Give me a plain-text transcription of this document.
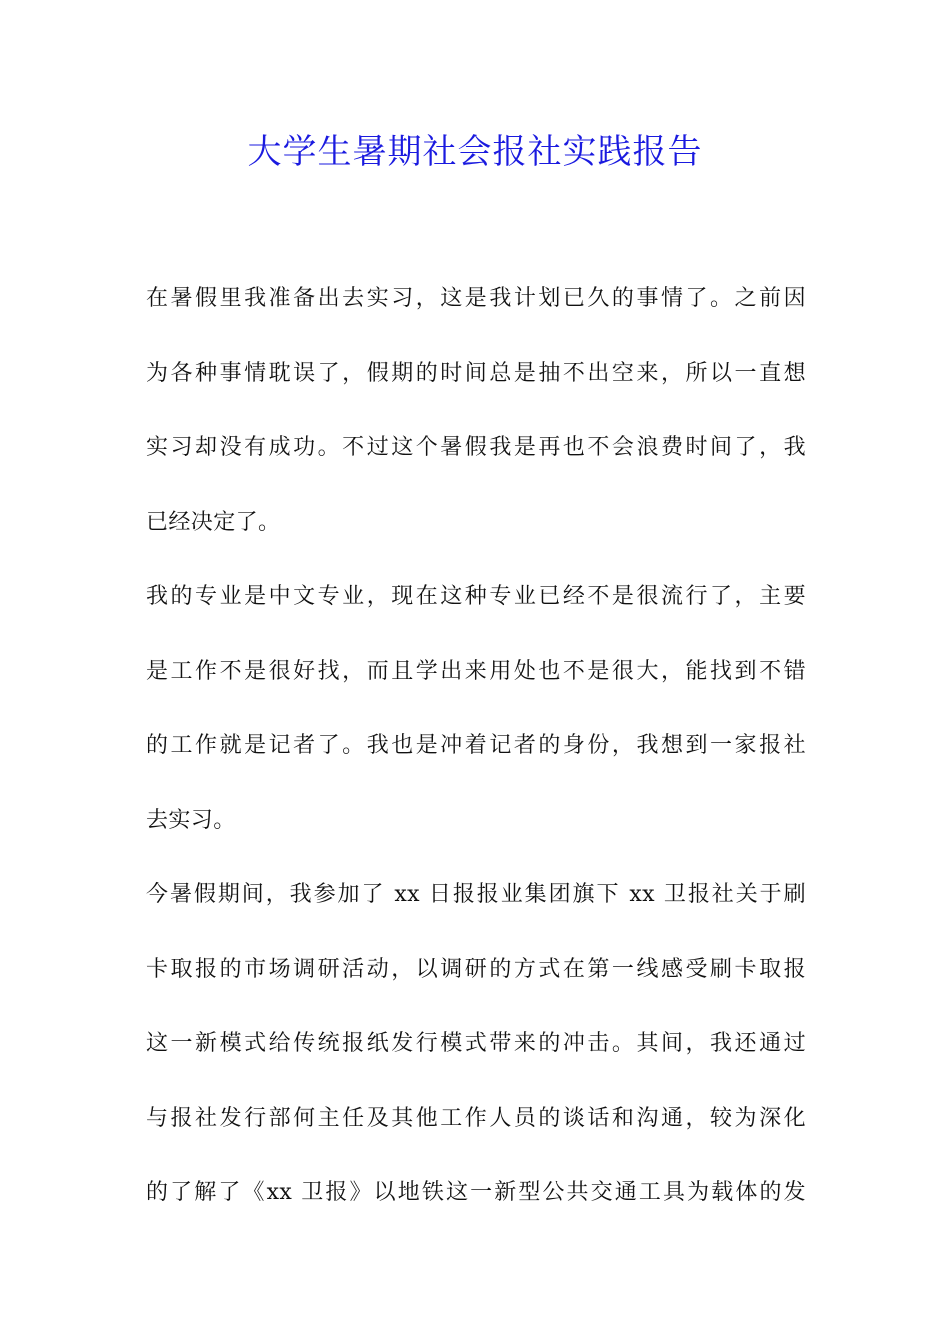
大学生暑期社会报社实践报告
在暑假里我准备出去实习，这是我计划已久的事情了。之前因
为各种事情耽误了，假期的时间总是抽不出空来，所以一直想
实习却没有成功。不过这个暑假我是再也不会浪费时间了，我
已经决定了。
我的专业是中文专业，现在这种专业已经不是很流行了，主要
是工作不是很好找，而且学出来用处也不是很大，能找到不错
的工作就是记者了。我也是冲着记者的身份，我想到一家报社
去实习。
今暑假期间，我参加了 xx 日报报业集团旗下 xx 卫报社关于刷
卡取报的市场调研活动，以调研的方式在第一线感受刷卡取报
这一新模式给传统报纸发行模式带来的冲击。其间，我还通过
与报社发行部何主任及其他工作人员的谈话和沟通，较为深化
的了解了《xx 卫报》以地铁这一新型公共交通工具为载体的发
